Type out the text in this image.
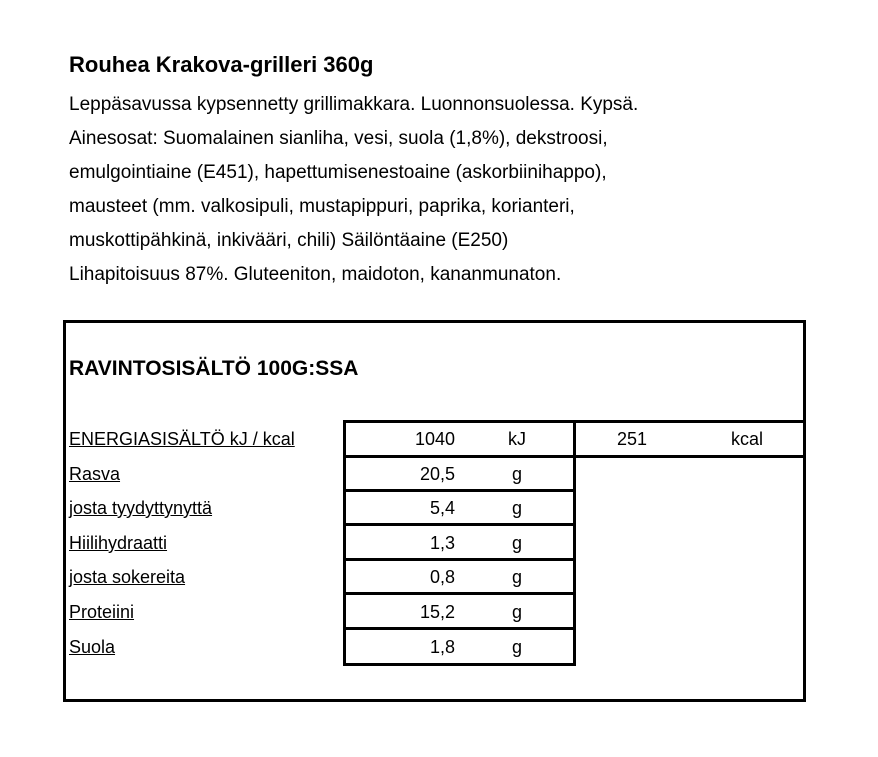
Rouhea Krakova-grilleri 360g
Leppäsavussa kypsennetty grillimakkara. Luonnonsuolessa. Kypsä.
Ainesosat: Suomalainen sianliha, vesi, suola (1,8%), dekstroosi,
emulgointiaine (E451), hapettumisenestoaine (askorbiinihappo),
mausteet (mm. valkosipuli, mustapippuri, paprika, korianteri,
muskottipähkinä, inkivääri, chili) Säilöntäaine (E250)
Lihapitoisuus 87%. Gluteeniton, maidoton, kananmunaton.
RAVINTOSISÄLTÖ 100G:SSA
ENERGIASISÄLTÖ kJ / kcal	1040	kJ	251	kcal
Rasva	20,5	g
josta tyydyttynyttä	5,4	g
Hiilihydraatti	1,3	g
josta sokereita	0,8	g
Proteiini	15,2	g
Suola	1,8	g
